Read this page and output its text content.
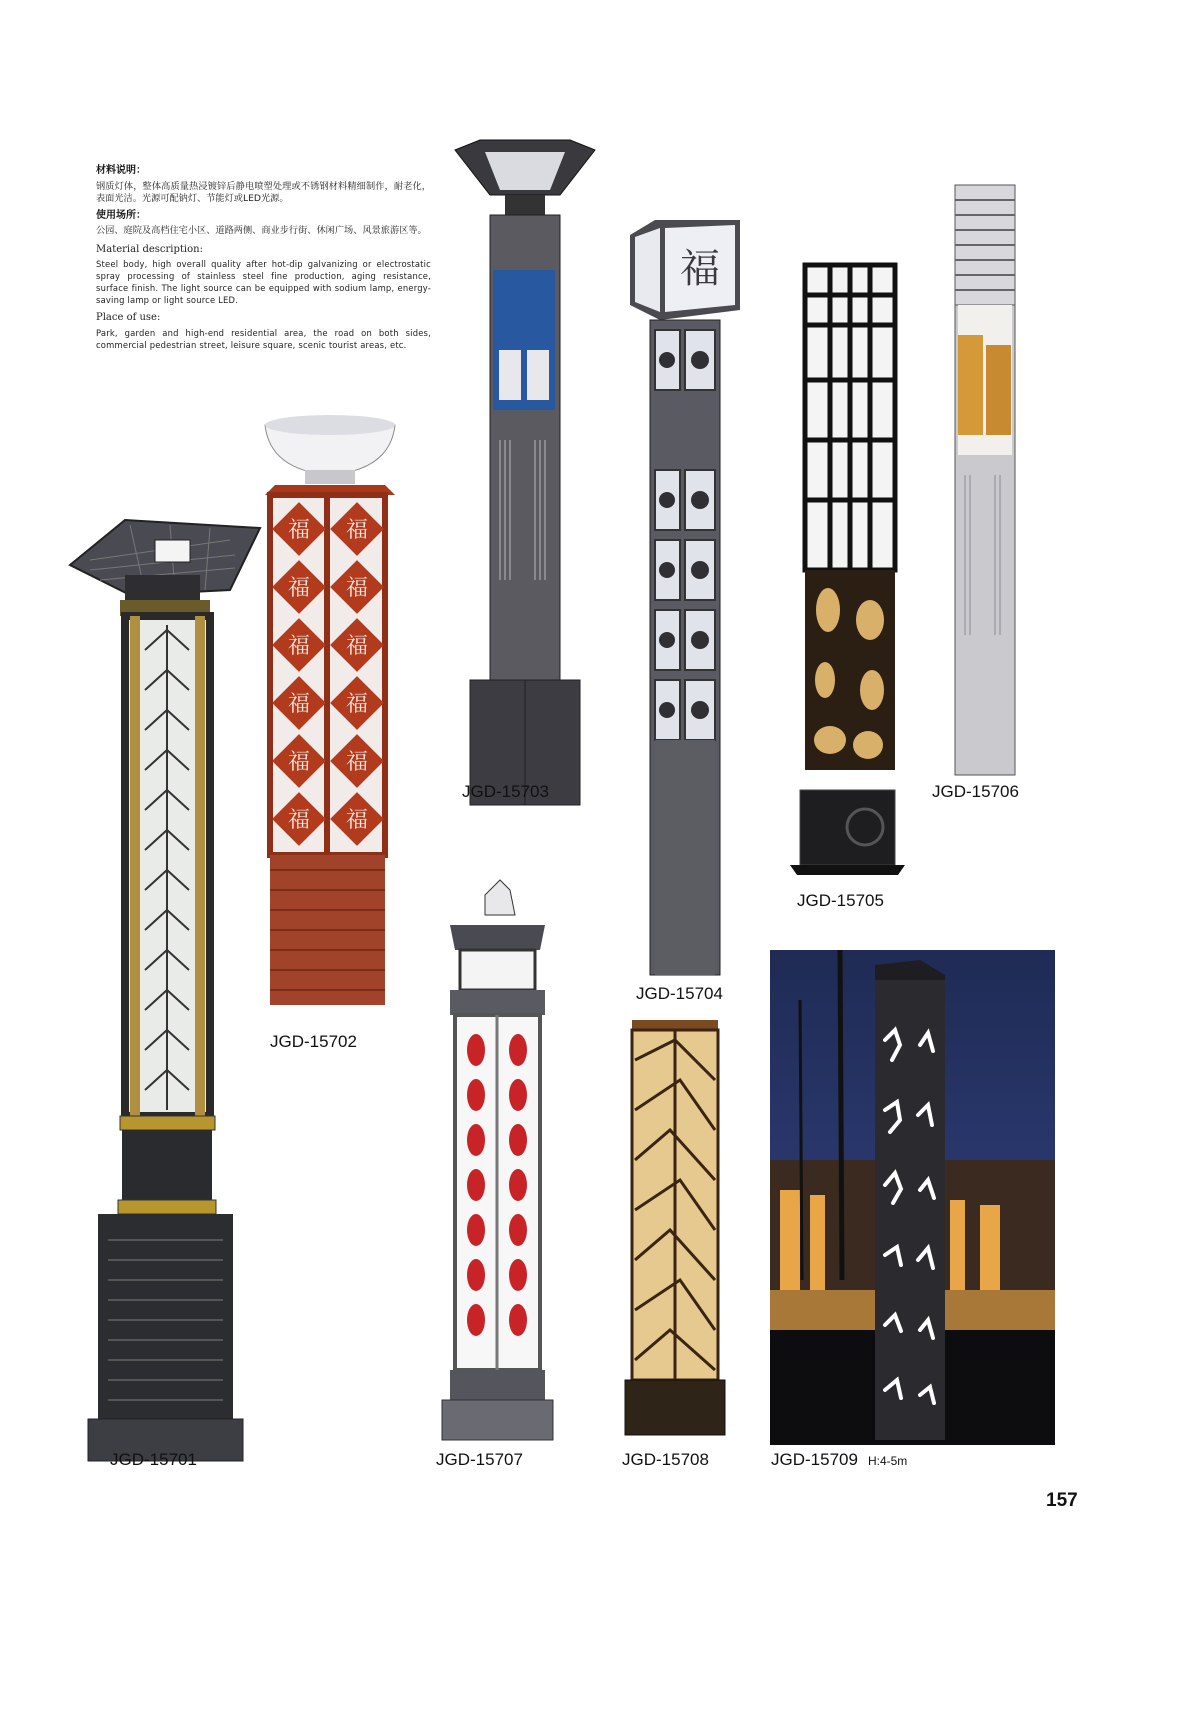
材料说明：

钢质灯体，整体高质量热浸镀锌后静电喷塑处理或不锈钢材料精细制作，耐老化，表面光洁。光源可配钠灯、节能灯或LED光源。

使用场所：

公园、庭院及高档住宅小区、道路两侧、商业步行街、休闲广场、风景旅游区等。

Material description:

Steel body, high overall quality after hot-dip galvanizing or electrostatic spray processing of stainless steel fine production, aging resistance, surface finish. The light source can be equipped with sodium lamp, energy-saving lamp or light source LED.

Place of use:

Park, garden and high-end residential area, the road on both sides, commercial pedestrian street, leisure square, scenic tourist areas, etc.

福 福
福 福
福 福
福 福
福 福
福 福
福
JGD-15701
JGD-15702
JGD-15703
JGD-15704
JGD-15705
JGD-15706
JGD-15707	JGD-15708	JGD-15709 H:4-5m
157
